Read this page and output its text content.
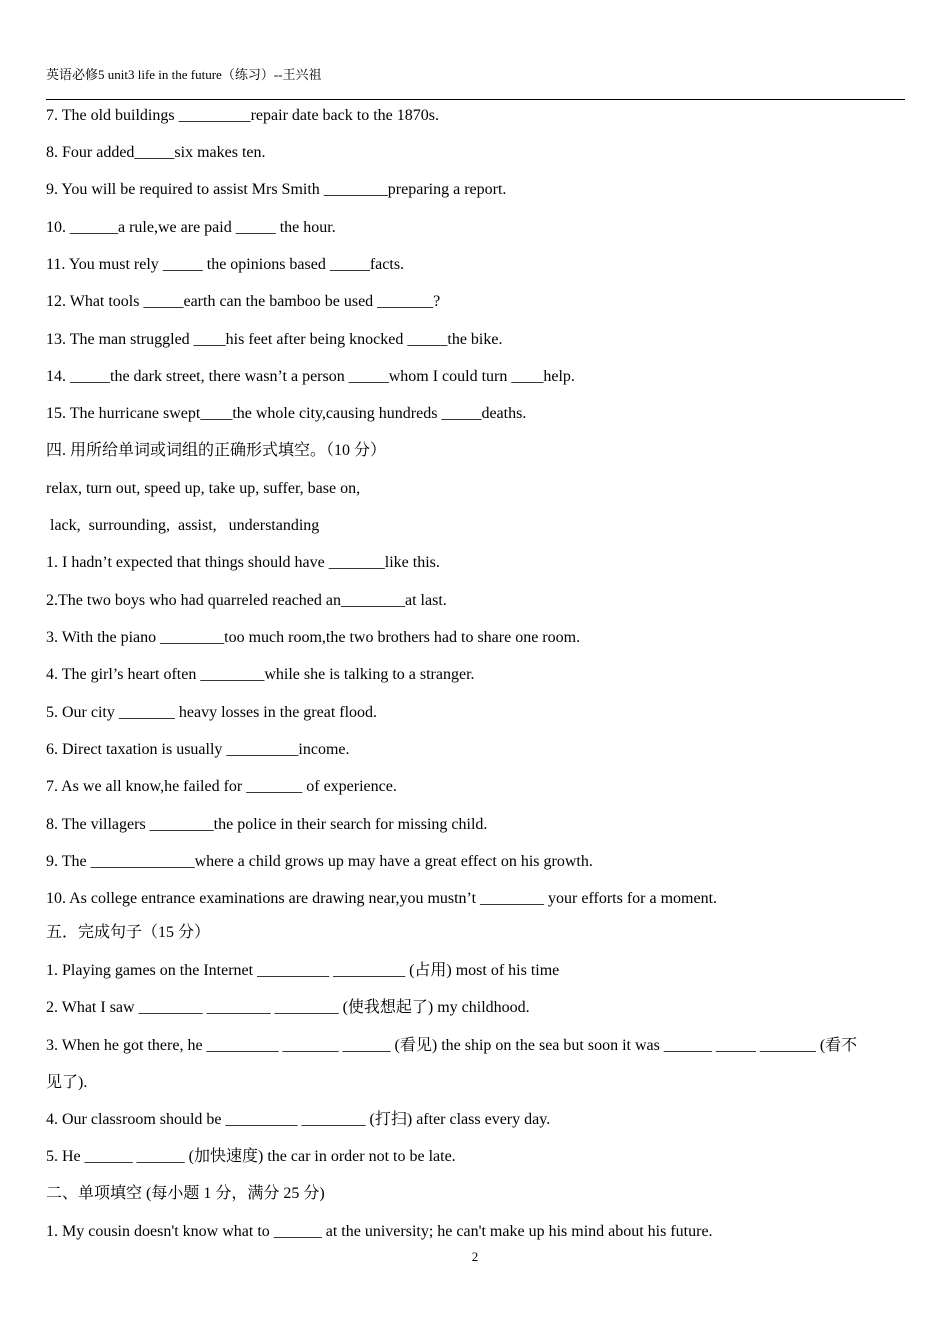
英语必修5 unit3 life in the future（练习）--王兴祖
7. The old buildings _________repair date back to the 1870s.
8. Four added_____six makes ten.
9. You will be required to assist Mrs Smith ________preparing a report.
10. ______a rule,we are paid _____ the hour.
11. You must rely _____ the opinions based _____facts.
12. What tools _____earth can the bamboo be used _______?
13. The man struggled ____his feet after being knocked _____the bike.
14. _____the dark street, there wasn’t a person _____whom I could turn ____help.
15. The hurricane swept____the whole city,causing hundreds _____deaths.
四. 用所给单词或词组的正确形式填空。（10 分）
relax, turn out, speed up, take up, suffer, base on,
lack,  surrounding,  assist,   understanding
1. I hadn’t expected that things should have _______like this.
2.The two boys who had quarreled reached an________at last.
3. With the piano ________too much room,the two brothers had to share one room.
4. The girl’s heart often ________while she is talking to a stranger.
5. Our city _______ heavy losses in the great flood.
6. Direct taxation is usually _________income.
7. As we all know,he failed for _______ of experience.
8. The villagers ________the police in their search for missing child.
9. The _____________where a child grows up may have a great effect on his growth.
10. As college entrance examinations are drawing near,you mustn’t ________ your efforts for a moment.
五．完成句子（15 分）
1. Playing games on the Internet _________ _________ (占用) most of his time
2. What I saw ________ ________ ________ (使我想起了) my childhood.
3. When he got there, he _________ _______ ______ (看见) the ship on the sea but soon it was ______ _____ _______ (看不
见了).
4. Our classroom should be _________ ________ (打扫) after class every day.
5. He ______ ______ (加快速度) the car in order not to be late.
二、单项填空 (每小题 1 分，满分 25 分)
1. My cousin doesn't know what to ______ at the university; he can't make up his mind about his future.
2
